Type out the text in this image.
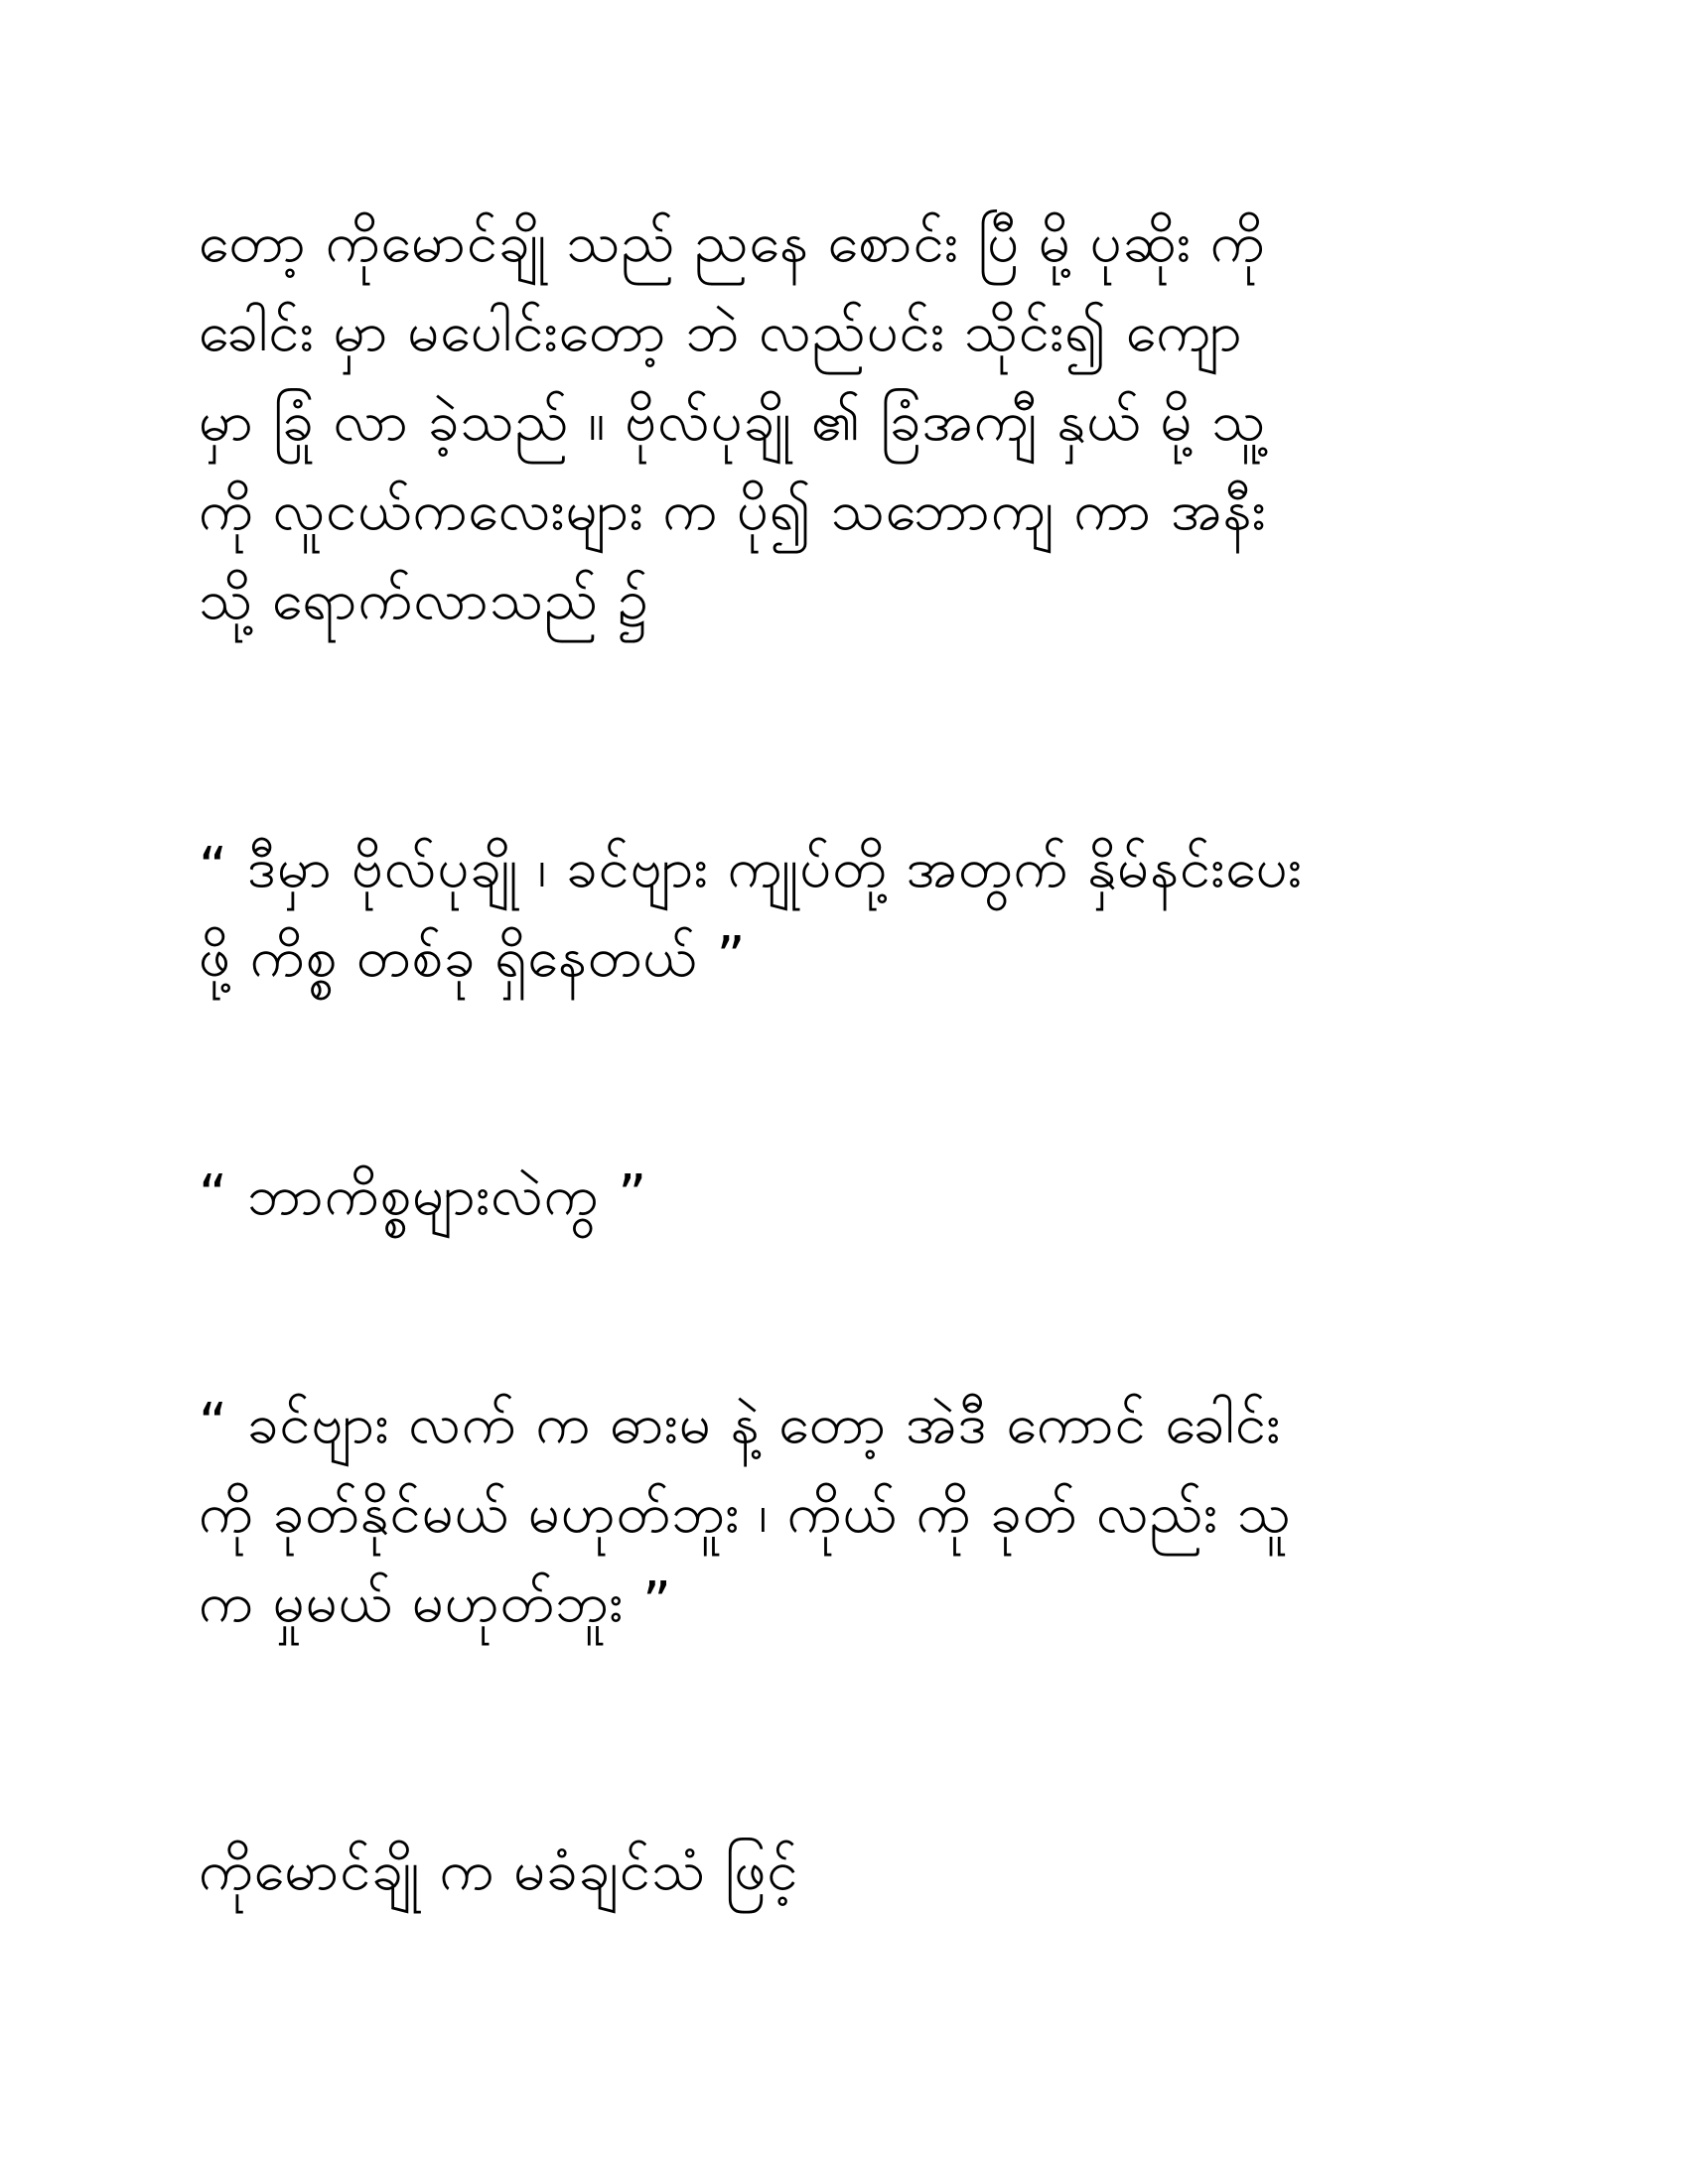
တော့ ကိုမောင်ချို သည် ညနေ စောင်း ပြီ မို့ ပုဆိုး ကို
ခေါင်း မှာ မပေါင်းတော့ ဘဲ လည်ပင်း သိုင်း၍ ကျော
မှာ ခြုံ လာ ခဲ့သည် ။ ဗိုလ်ပုချို ၏ ခြံအကျီ နှယ် မို့ သူ့
ကို လူငယ်ကလေးများ က ပို၍ သဘောကျ ကာ အနီး
သို့ ရောက်လာသည် ၌
“ ဒီမှာ ဗိုလ်ပုချို ၊ ခင်ဗျား ကျုပ်တို့ အတွက် နှိမ်နင်းပေး
ဖို့ ကိစ္စ တစ်ခု ရှိနေတယ် ”
“ ဘာကိစ္စများလဲကွ ”
“ ခင်ဗျား လက် က ဓားမ နဲ့ တော့ အဲဒီ ကောင် ခေါင်း
ကို ခုတ်နိုင်မယ် မဟုတ်ဘူး ၊ ကိုယ် ကို ခုတ် လည်း သူ
က မှုမယ် မဟုတ်ဘူး ”
ကိုမောင်ချို က မခံချင်သံ ဖြင့်
